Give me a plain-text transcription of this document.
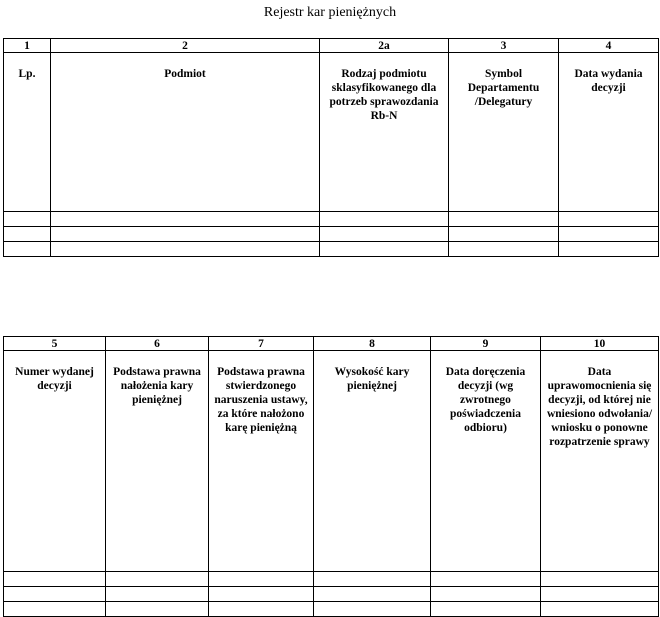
Rejestr kar pieniężnych
1	2	2a	3	4
Lp.	Podmiot	Rodzaj podmiotu sklasyfikowanego dla potrzeb sprawozdania Rb-N	Symbol Departamentu /Delegatury	Data wydania decyzji

5	6	7	8	9	10
Numer wydanej decyzji	Podstawa prawna nałożenia kary pieniężnej	Podstawa prawna stwierdzonego naruszenia ustawy, za które nałożono karę pieniężną	Wysokość kary pieniężnej	Data doręczenia decyzji (wg zwrotnego poświadczenia odbioru)	Data uprawomocnienia się decyzji, od której nie wniesiono odwołania/ wniosku o ponowne rozpatrzenie sprawy
